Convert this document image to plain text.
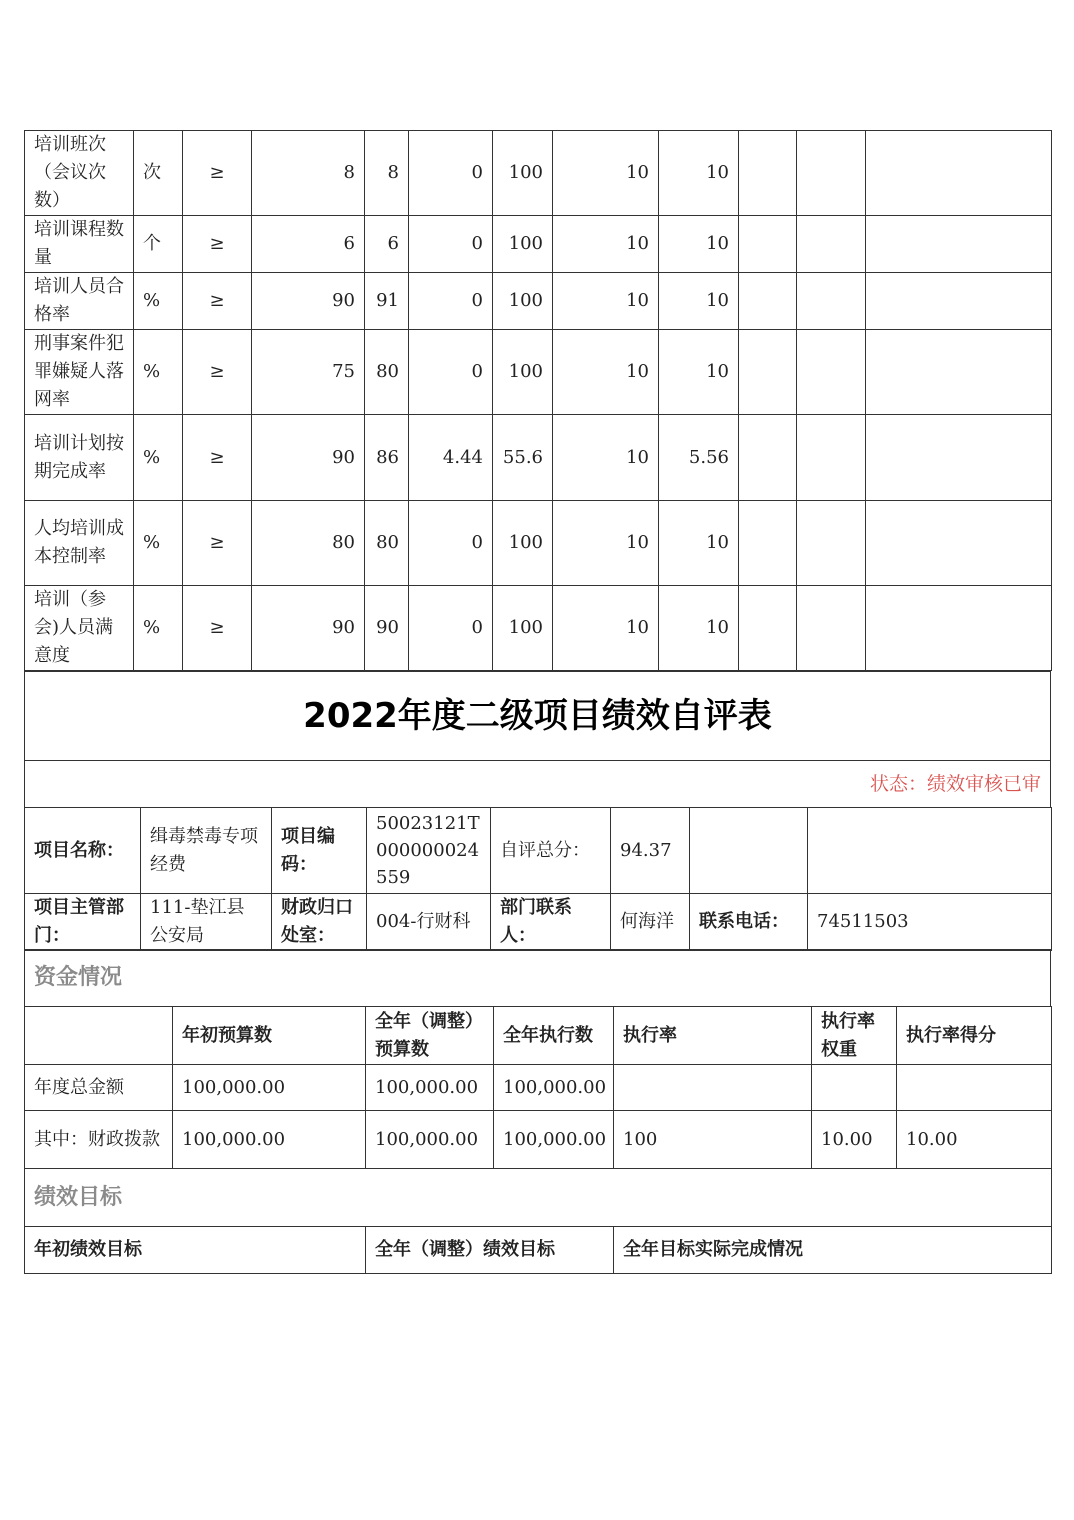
培训班次（会议次数）	次	≥	8	8	0	100	10	10			
培训课程数量	个	≥	6	6	0	100	10	10			
培训人员合格率	%	≥	90	91	0	100	10	10			
刑事案件犯罪嫌疑人落网率	%	≥	75	80	0	100	10	10			
培训计划按期完成率	%	≥	90	86	4.44	55.6	10	5.56			
人均培训成本控制率	%	≥	80	80	0	100	10	10			
培训（参会)人员满意度	%	≥	90	90	0	100	10	10			
2022年度二级项目绩效自评表
状态：绩效审核已审
项目名称：	缉毒禁毒专项经费	项目编码：	50023121T000000024559	自评总分：	94.37		
项目主管部门：	111-垫江县公安局	财政归口处室：	004-行财科	部门联系人：	何海洋	联系电话：	74511503
资金情况
	年初预算数	全年（调整）预算数	全年执行数	执行率	执行率权重	执行率得分
年度总金额	100,000.00	100,000.00	100,000.00			
其中：财政拨款	100,000.00	100,000.00	100,000.00	100	10.00	10.00
绩效目标
年初绩效目标	全年（调整）绩效目标	全年目标实际完成情况
